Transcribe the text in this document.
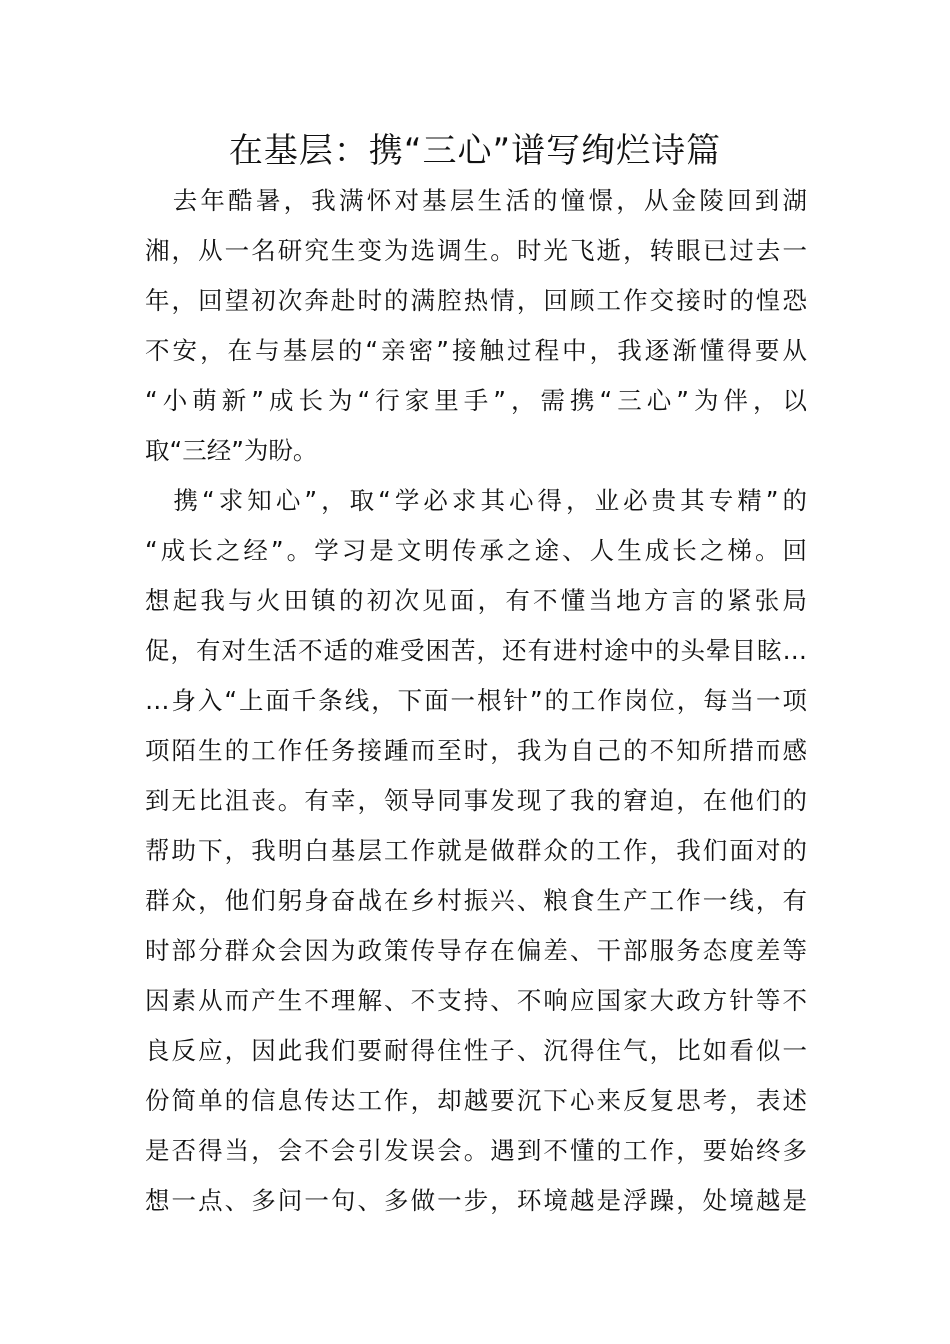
在基层：携“三心”谱写绚烂诗篇
　去年酷暑，我满怀对基层生活的憧憬，从金陵回到湖
湘，从一名研究生变为选调生。时光飞逝，转眼已过去一
年，回望初次奔赴时的满腔热情，回顾工作交接时的惶恐
不安，在与基层的“亲密”接触过程中，我逐渐懂得要从
“小萌新”成长为“行家里手”，需携“三心”为伴，以
取“三经”为盼。
　携“求知心”，取“学必求其心得，业必贵其专精”的
“成长之经”。学习是文明传承之途、人生成长之梯。回
想起我与火田镇的初次见面，有不懂当地方言的紧张局
促，有对生活不适的难受困苦，还有进村途中的头晕目眩…
…身入“上面千条线，下面一根针”的工作岗位，每当一项
项陌生的工作任务接踵而至时，我为自己的不知所措而感
到无比沮丧。有幸，领导同事发现了我的窘迫，在他们的
帮助下，我明白基层工作就是做群众的工作，我们面对的
群众，他们躬身奋战在乡村振兴、粮食生产工作一线，有
时部分群众会因为政策传导存在偏差、干部服务态度差等
因素从而产生不理解、不支持、不响应国家大政方针等不
良反应，因此我们要耐得住性子、沉得住气，比如看似一
份简单的信息传达工作，却越要沉下心来反复思考，表述
是否得当，会不会引发误会。遇到不懂的工作，要始终多
想一点、多问一句、多做一步，环境越是浮躁，处境越是
